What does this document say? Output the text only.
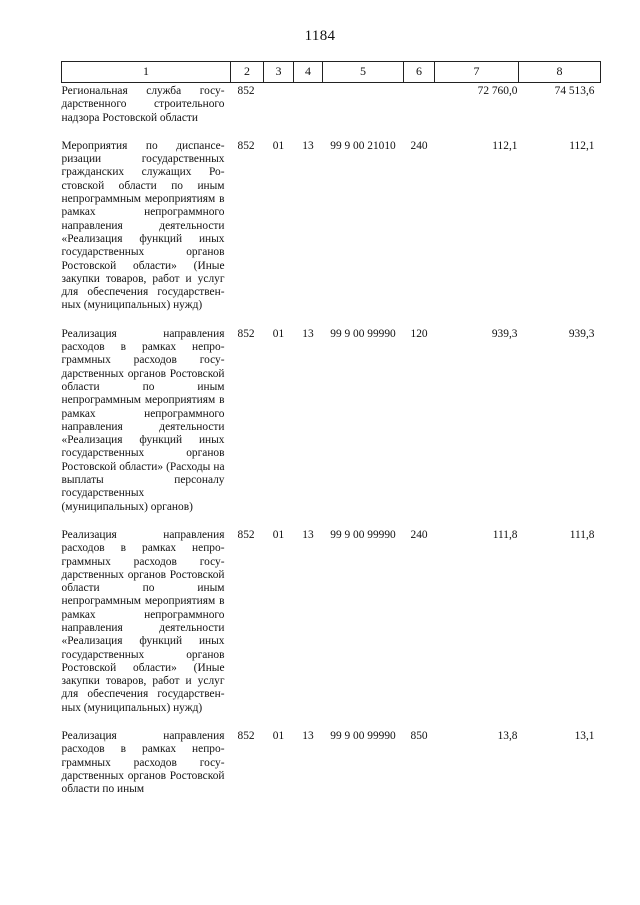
1184
1	2	3	4	5	6	7	8

Региональная служба государственного строительного надзора Ростовской области	852					72 760,0	74 513,6

Мероприятия по диспансеризации государственных гражданских служащих Ростовской области по иным непрограммным мероприятиям в рамках непрограммного направления деятельности «Реализация функций иных государственных органов Ростовской области» (Иные закупки товаров, работ и услуг для обеспечения государственных (муниципальных) нужд)	852	01	13	99 9 00 21010	240	112,1	112,1

Реализация направления расходов в рамках непрограммных расходов государственных органов Ростовской области по иным непрограммным мероприятиям в рамках непрограммного направления деятельности «Реализация функций иных государственных органов Ростовской области» (Расходы на выплаты персоналу государственных (муниципальных) органов)	852	01	13	99 9 00 99990	120	939,3	939,3

Реализация направления расходов в рамках непрограммных расходов государственных органов Ростовской области по иным непрограммным мероприятиям в рамках непрограммного направления деятельности «Реализация функций иных государственных органов Ростовской области» (Иные закупки товаров, работ и услуг для обеспечения государственных (муниципальных) нужд)	852	01	13	99 9 00 99990	240	111,8	111,8

Реализация направления расходов в рамках непрограммных расходов государственных органов Ростовской области по иным	852	01	13	99 9 00 99990	850	13,8	13,1
